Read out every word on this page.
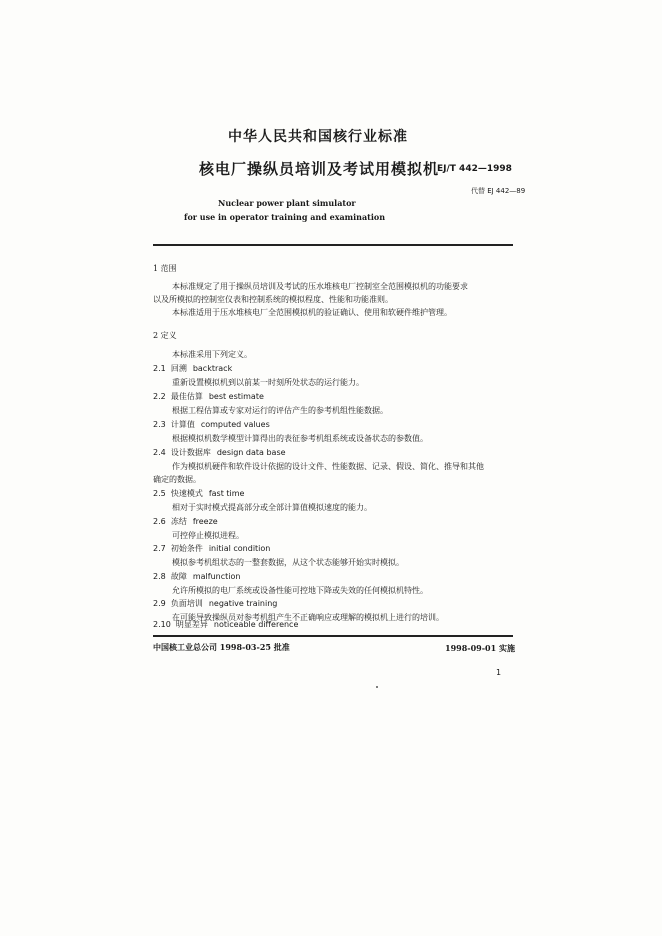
中华人民共和国核行业标准
核电厂操纵员培训及考试用模拟机
EJ/T 442—1998
代替 EJ 442—89
Nuclear power plant simulator
for use in operator training and examination
1 范围
本标准规定了用于操纵员培训及考试的压水堆核电厂控制室全范围模拟机的功能要求
以及所模拟的控制室仪表和控制系统的模拟程度、性能和功能准则。
本标准适用于压水堆核电厂全范围模拟机的验证确认、使用和软硬件维护管理。
2 定义
本标准采用下列定义。
2.1 回溯 backtrack
重新设置模拟机到以前某一时刻所处状态的运行能力。
2.2 最佳估算 best estimate
根据工程估算或专家对运行的评估产生的参考机组性能数据。
2.3 计算值 computed values
根据模拟机数学模型计算得出的表征参考机组系统或设备状态的参数值。
2.4 设计数据库 design data base
作为模拟机硬件和软件设计依据的设计文件、性能数据、记录、假设、简化、推导和其他
确定的数据。
2.5 快速模式 fast time
相对于实时模式提高部分或全部计算值模拟速度的能力。
2.6 冻结 freeze
可控停止模拟进程。
2.7 初始条件 initial condition
模拟参考机组状态的一整套数据，从这个状态能够开始实时模拟。
2.8 故障 malfunction
允许所模拟的电厂系统或设备性能可控地下降或失效的任何模拟机特性。
2.9 负面培训 negative training
在可能导致操纵员对参考机组产生不正确响应或理解的模拟机上进行的培训。
2.10 明显差异 noticeable difference
中国核工业总公司 1998-03-25 批准	1998-09-01 实施
1
